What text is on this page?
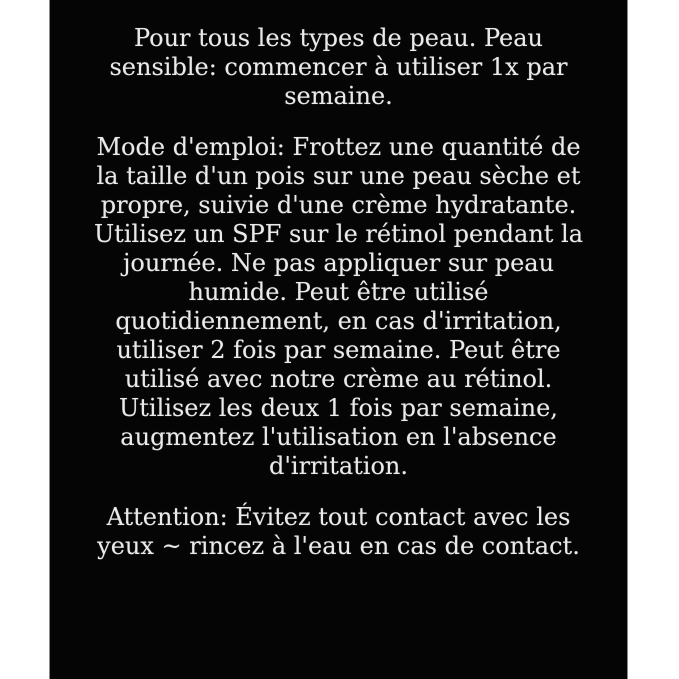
Pour tous les types de peau. Peau sensible: commencer à utiliser 1x par semaine.

Mode d'emploi: Frottez une quantité de la taille d'un pois sur une peau sèche et propre, suivie d'une crème hydratante. Utilisez un SPF sur le rétinol pendant la journée. Ne pas appliquer sur peau humide. Peut être utilisé quotidiennement, en cas d'irritation, utiliser 2 fois par semaine. Peut être utilisé avec notre crème au rétinol. Utilisez les deux 1 fois par semaine, augmentez l'utilisation en l'absence d'irritation.

Attention: Évitez tout contact avec les yeux ~ rincez à l'eau en cas de contact.
